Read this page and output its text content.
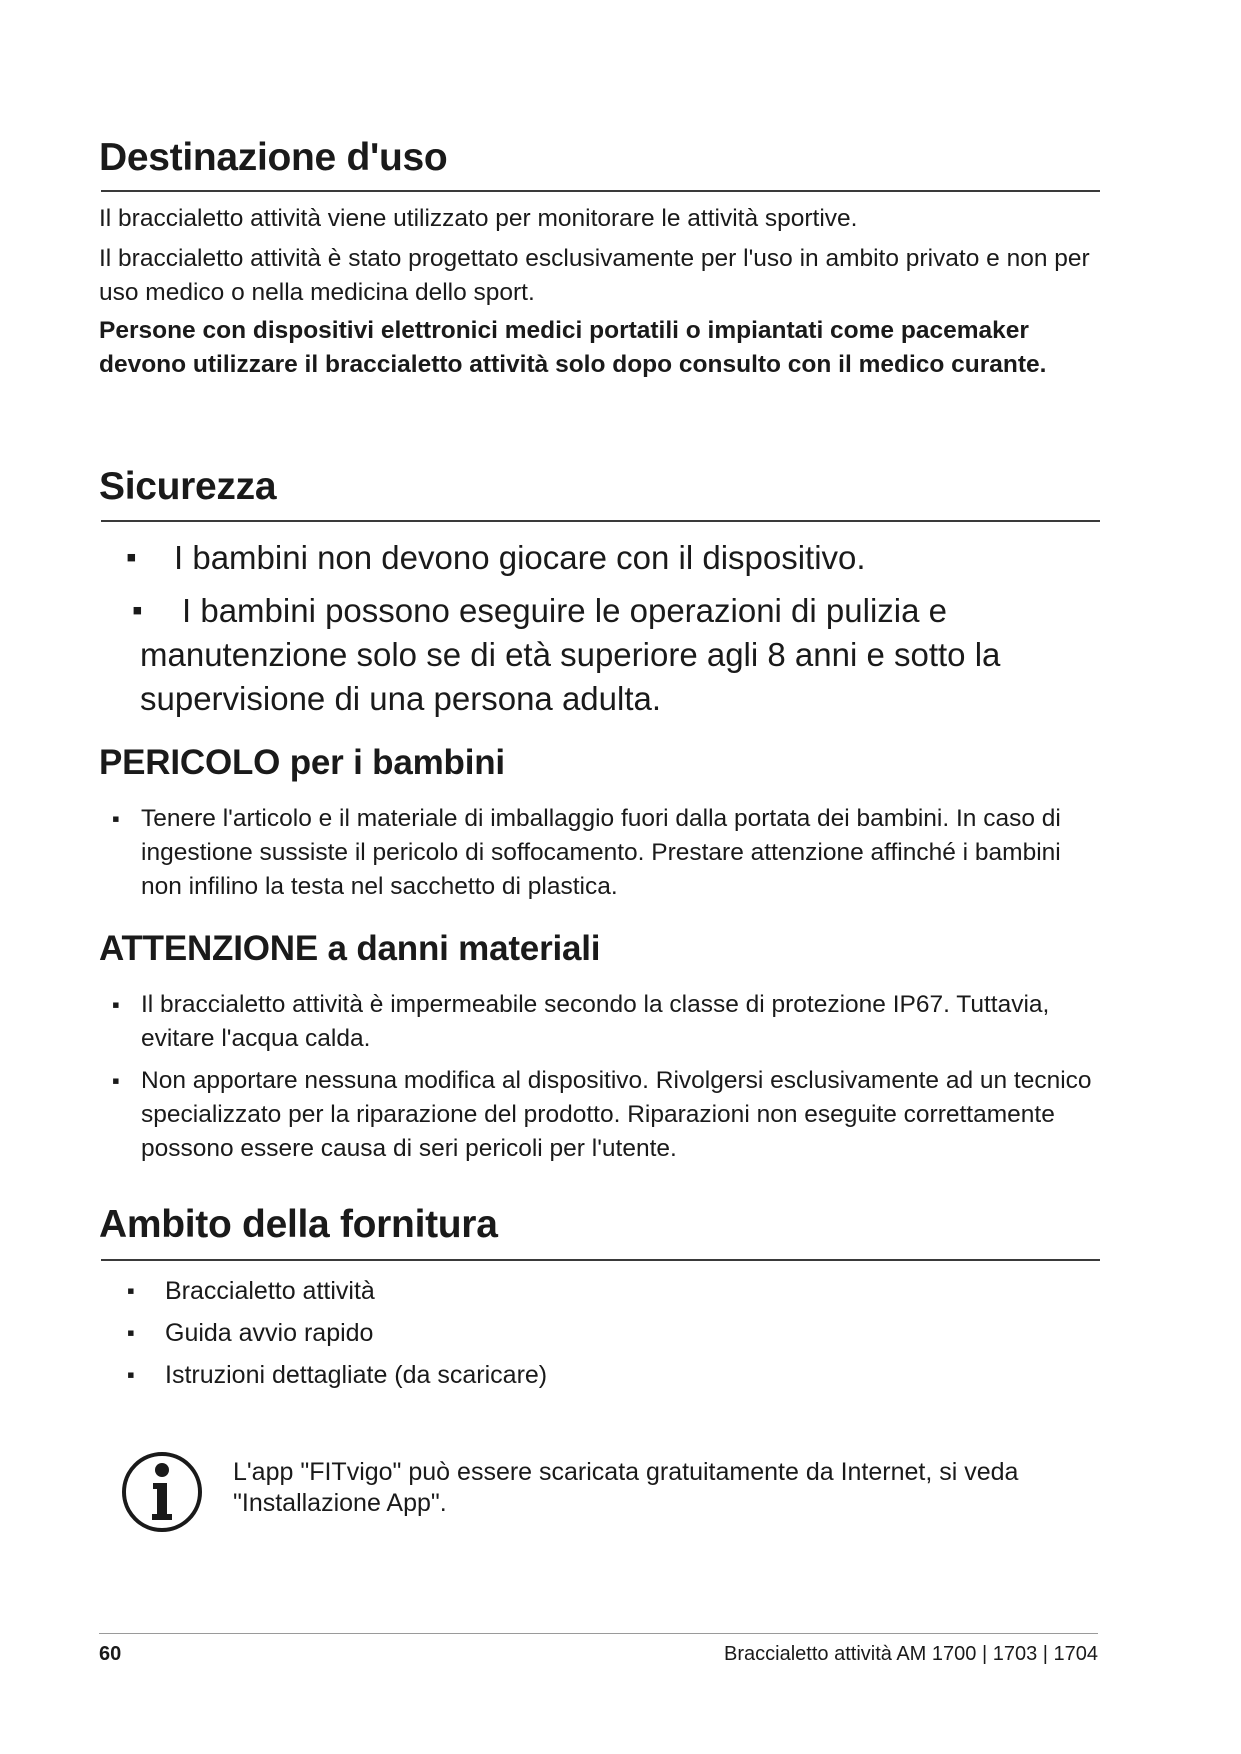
Destinazione d'uso

Il braccialetto attività viene utilizzato per monitorare le attività sportive.

Il braccialetto attività è stato progettato esclusivamente per l'uso in ambito privato e non per uso medico o nella medicina dello sport.

Persone con dispositivi elettronici medici portatili o impiantati come pacemaker devono utilizzare il braccialetto attività solo dopo consulto con il medico curante.

Sicurezza
▪ I bambini non devono giocare con il dispositivo.
▪ I bambini possono eseguire le operazioni di pulizia e manutenzione solo se di età superiore agli 8 anni e sotto la supervisione di una persona adulta.
PERICOLO per i bambini
▪ Tenere l'articolo e il materiale di imballaggio fuori dalla portata dei bambini. In caso di ingestione sussiste il pericolo di soffocamento. Prestare attenzione affinché i bambini non infilino la testa nel sacchetto di plastica.
ATTENZIONE a danni materiali
▪ Il braccialetto attività è impermeabile secondo la classe di protezione IP67. Tuttavia, evitare l'acqua calda.
▪ Non apportare nessuna modifica al dispositivo. Rivolgersi esclusivamente ad un tecnico specializzato per la riparazione del prodotto. Riparazioni non eseguite correttamente possono essere causa di seri pericoli per l'utente.
Ambito della fornitura
▪ Braccialetto attività
▪ Guida avvio rapido
▪ Istruzioni dettagliate (da scaricare)

L'app "FITvigo" può essere scaricata gratuitamente da Internet, si veda "Installazione App".

60	Braccialetto attività AM 1700 | 1703 | 1704
